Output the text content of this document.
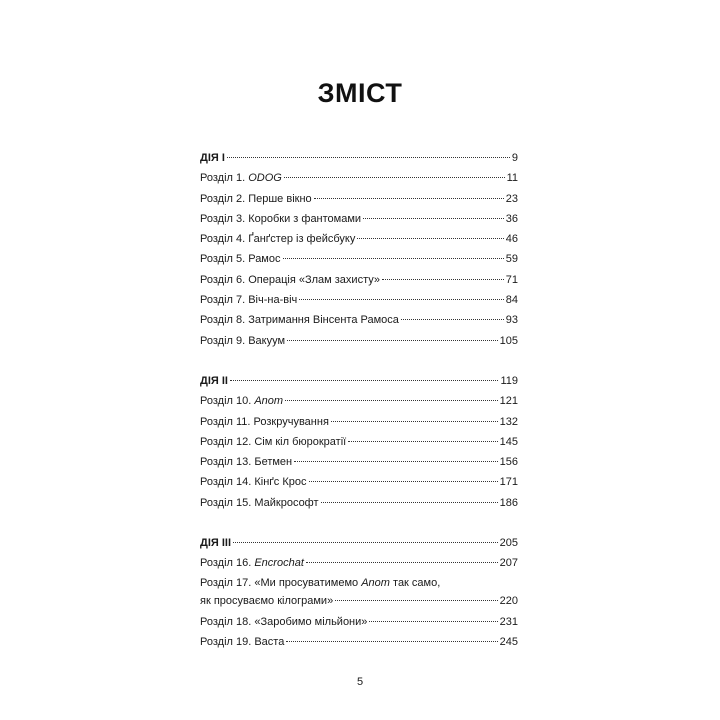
ЗМІСТ
ДІЯ І	9
Розділ 1. ODOG	11
Розділ 2. Перше вікно	23
Розділ 3. Коробки з фантомами	36
Розділ 4. Ґанґстер із фейсбуку	46
Розділ 5. Рамос	59
Розділ 6. Операція «Злам захисту»	71
Розділ 7. Віч-на-віч	84
Розділ 8. Затримання Вінсента Рамоса	93
Розділ 9. Вакуум	105
ДІЯ ІІ	119
Розділ 10. Anom	121
Розділ 11. Розкручування	132
Розділ 12. Сім кіл бюрократії	145
Розділ 13. Бетмен	156
Розділ 14. Кінґс Крос	171
Розділ 15. Майкрософт	186
ДІЯ ІІІ	205
Розділ 16. Encrochat	207
Розділ 17. «Ми просуватимемо Anom так само,
як просуваємо кілограми»	220
Розділ 18. «Заробимо мільйони»	231
Розділ 19. Васта	245
5
